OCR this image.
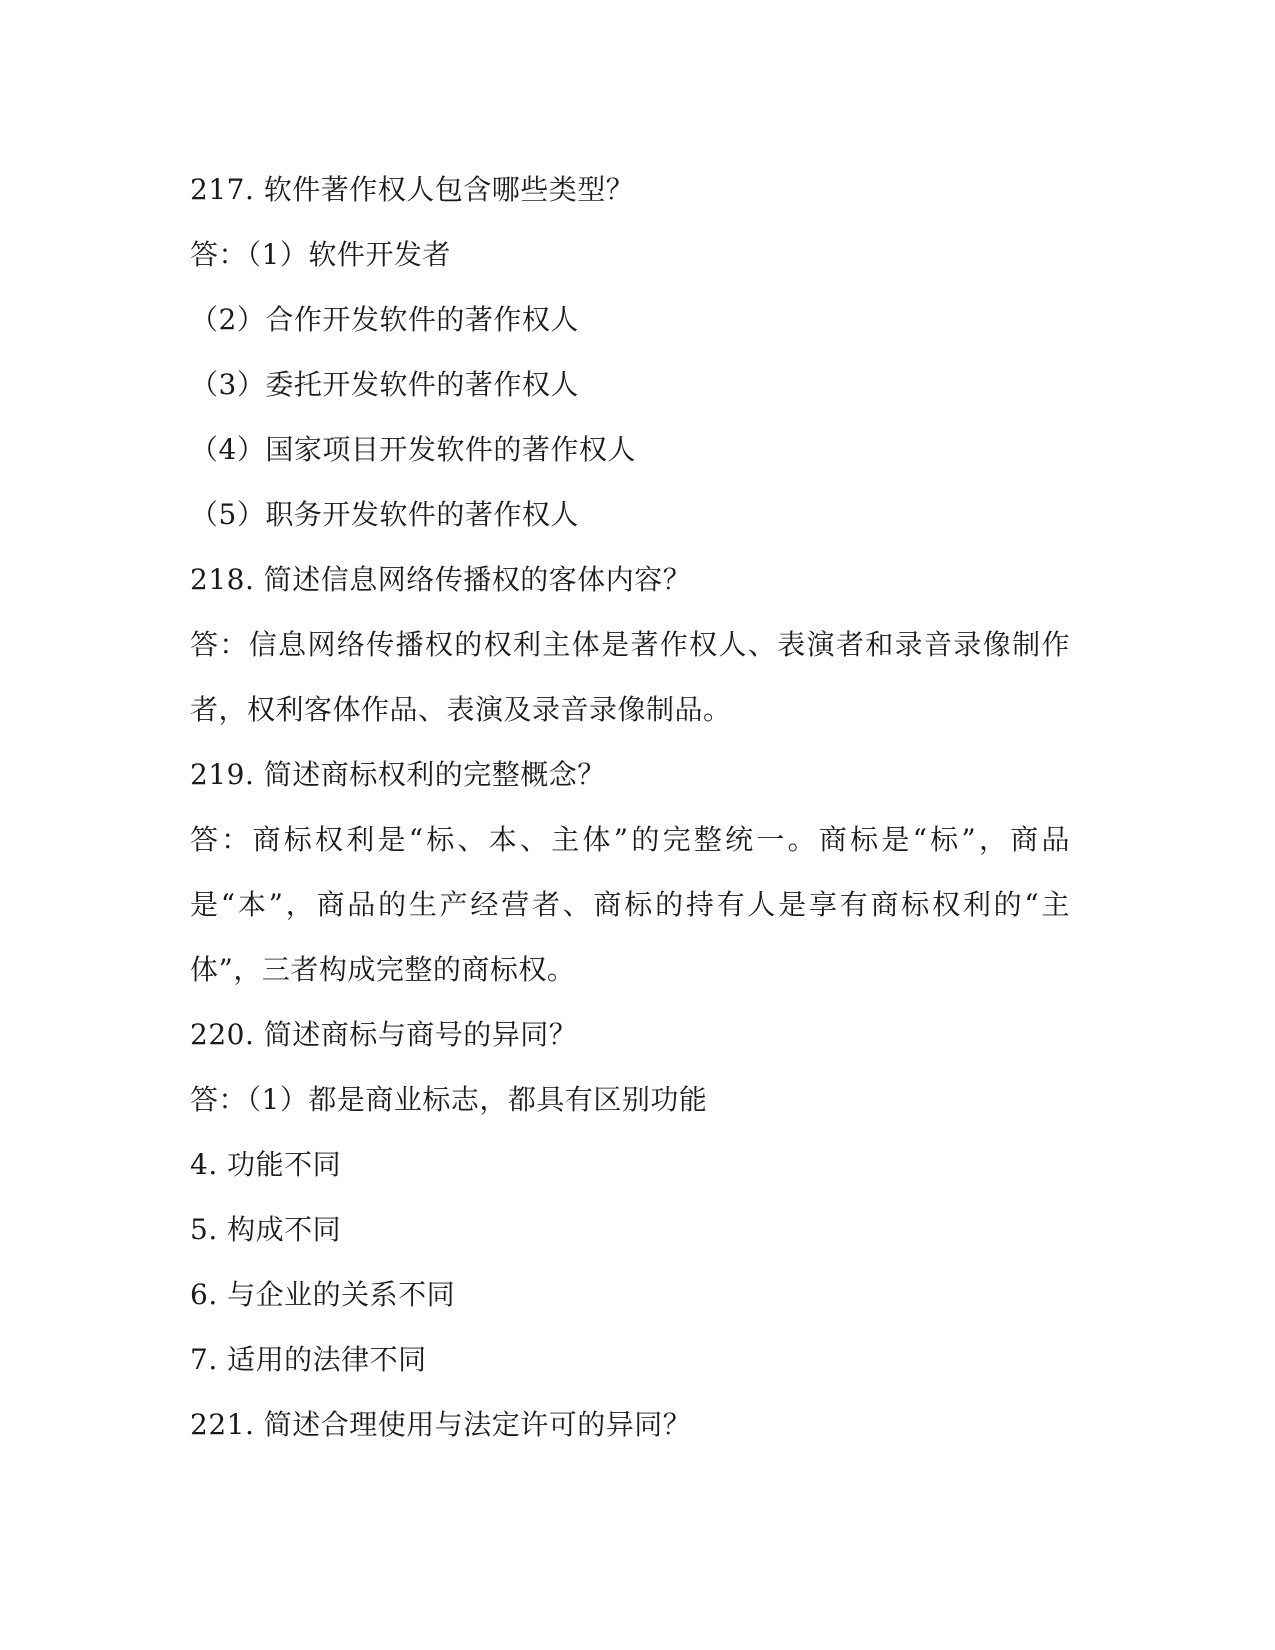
217. 软件著作权人包含哪些类型？
答：（1）软件开发者
（2）合作开发软件的著作权人
（3）委托开发软件的著作权人
（4）国家项目开发软件的著作权人
（5）职务开发软件的著作权人
218. 简述信息网络传播权的客体内容？
答：信息网络传播权的权利主体是著作权人、表演者和录音录像制作
者，权利客体作品、表演及录音录像制品。
219. 简述商标权利的完整概念？
答：商标权利是“标、本、主体”的完整统一。商标是“标”，商品
是“本”，商品的生产经营者、商标的持有人是享有商标权利的“主
体”，三者构成完整的商标权。
220. 简述商标与商号的异同？
答：（1）都是商业标志，都具有区别功能
4. 功能不同
5. 构成不同
6. 与企业的关系不同
7. 适用的法律不同
221. 简述合理使用与法定许可的异同？
